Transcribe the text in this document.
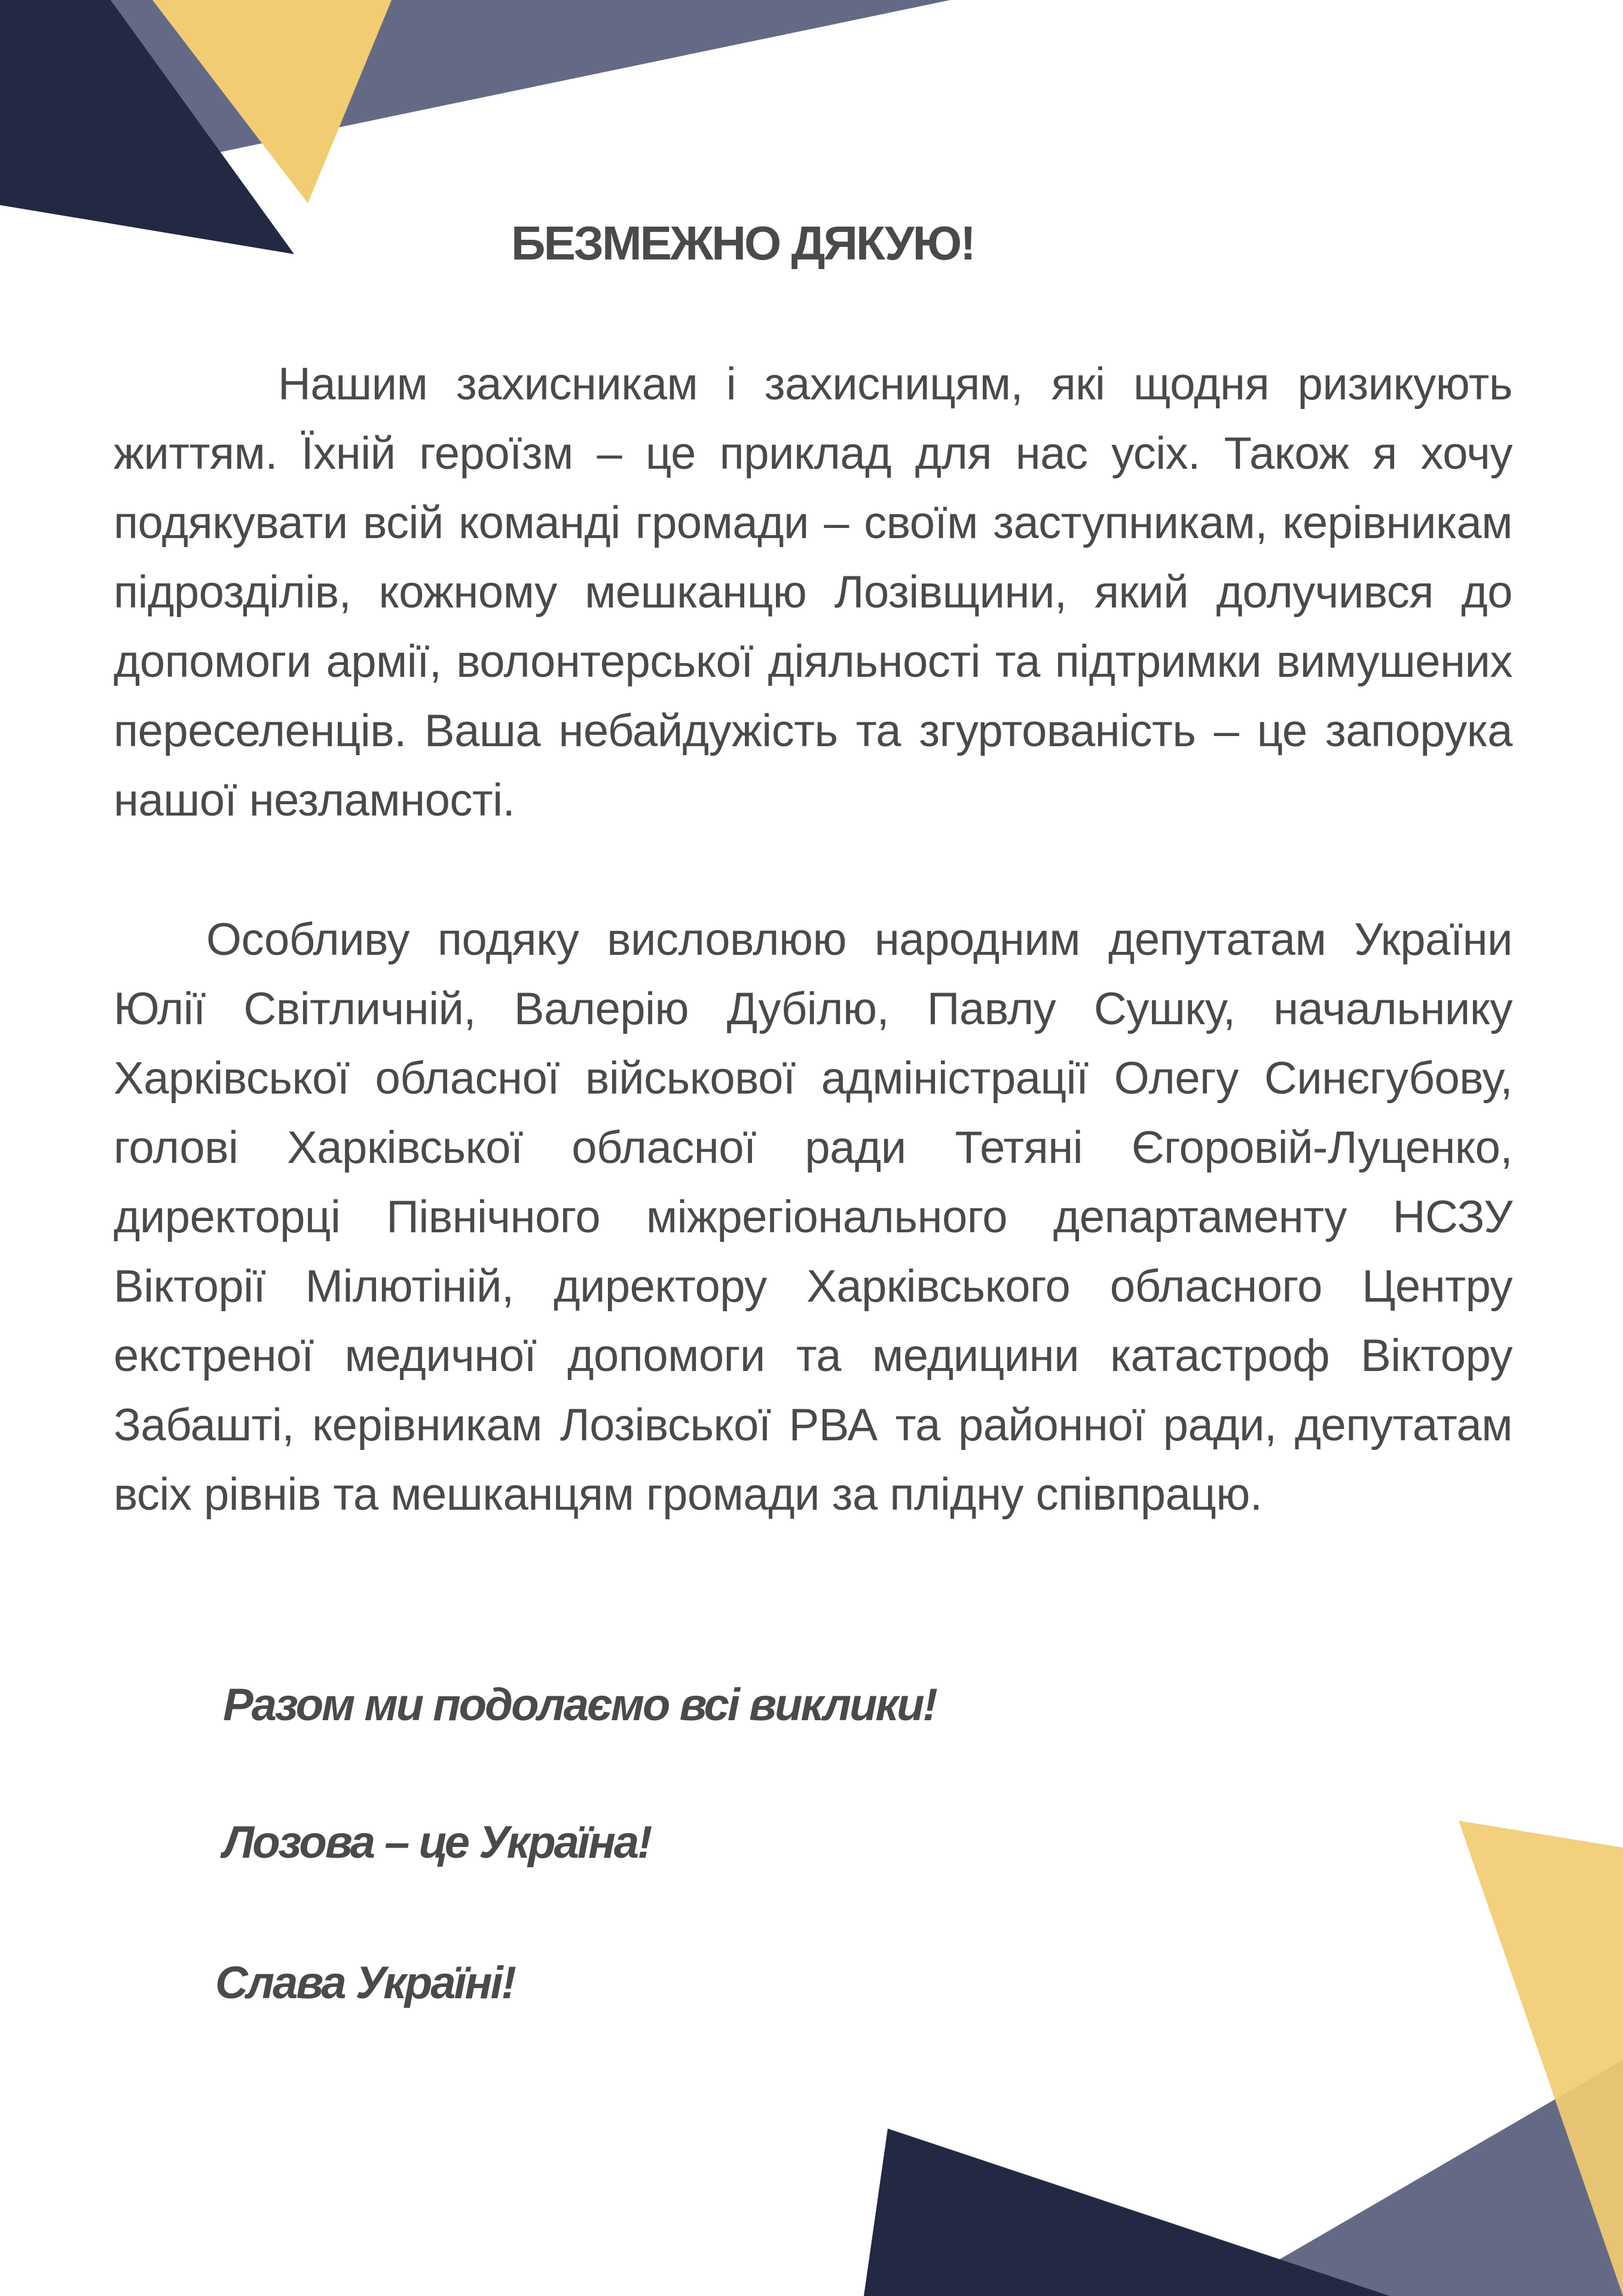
БЕЗМЕЖНО ДЯКУЮ!

Нашим захисникам і захисницям, які щодня ризикують життям. Їхній героїзм – це приклад для нас усіх. Також я хочу подякувати всій команді громади – своїм заступникам, керівникам підрозділів, кожному мешканцю Лозівщини, який долучився до допомоги армії, волонтерської діяльності та підтримки вимушених переселенців. Ваша небайдужість та згуртованість – це запорука нашої незламності.

Особливу подяку висловлюю народним депутатам України Юлії Світличній, Валерію Дубілю, Павлу Сушку, начальнику Харківської обласної військової адміністрації Олегу Синєгубову, голові Харківської обласної ради Тетяні Єгоровій-Луценко, директорці Північного міжрегіонального департаменту НСЗУ Вікторії Мілютіній, директору Харківського обласного Центру екстреної медичної допомоги та медицини катастроф Віктору Забашті, керівникам Лозівської РВА та районної ради, депутатам всіх рівнів та мешканцям громади за плідну співпрацю.

Разом ми подолаємо всі виклики!

Лозова – це Україна!

Слава Україні!
